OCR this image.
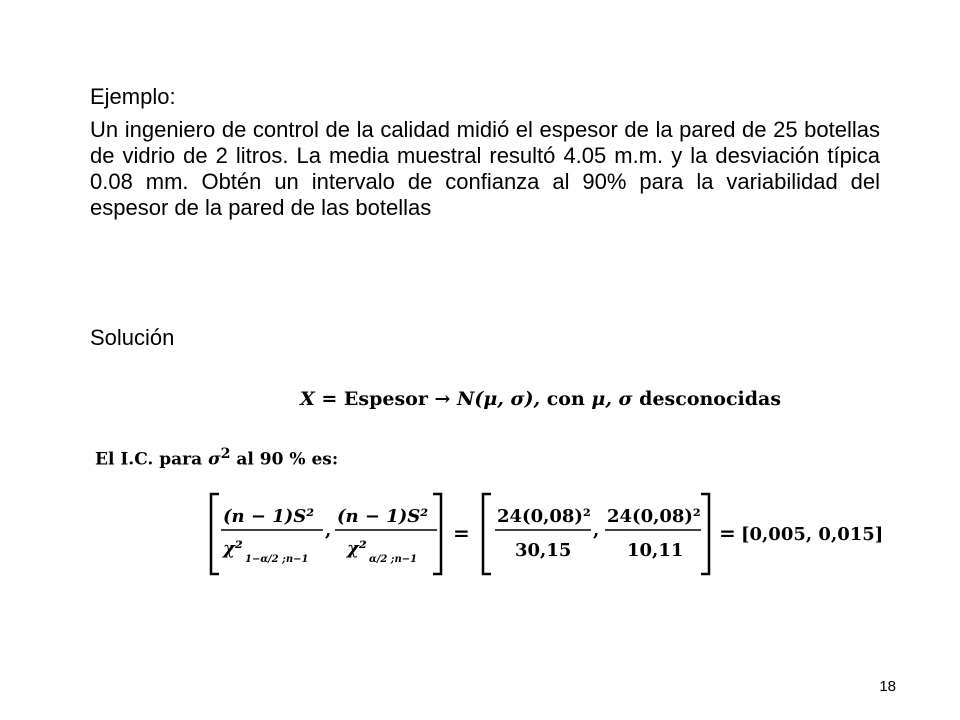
Ejemplo:
Un ingeniero de control de la calidad midió el espesor de la pared de 25 botellas de vidrio de 2 litros. La media muestral resultó 4.05 m.m. y la desviación típica 0.08 mm. Obtén un intervalo de confianza al 90% para la variabilidad del espesor de la pared de las botellas
Solución
X = Espesor → N(μ, σ), con μ, σ desconocidas
El I.C. para $\sigma^2$ al 90 % es:
(n − 1)S²
χ²
1−α/2 ;n−1
,
(n − 1)S²
χ²
α/2 ;n−1
=
24(0,08)²
30,15
,
24(0,08)²
10,11
= [0,005, 0,015]
18
